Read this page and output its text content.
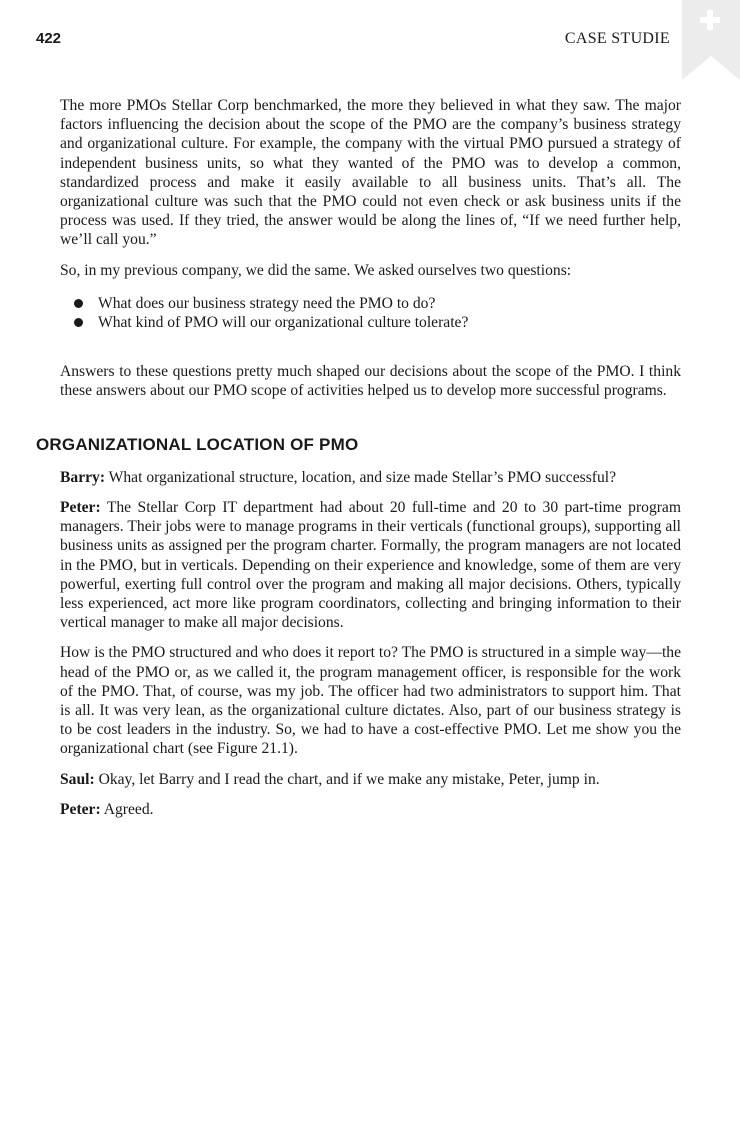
422	CASE STUDIE

The more PMOs Stellar Corp benchmarked, the more they believed in what they saw. The major factors influencing the decision about the scope of the PMO are the company’s business strategy and organizational culture. For example, the company with the virtual PMO pursued a strategy of independent business units, so what they wanted of the PMO was to develop a common, standardized process and make it easily available to all business units. That’s all. The organizational culture was such that the PMO could not even check or ask business units if the process was used. If they tried, the answer would be along the lines of, “If we need further help, we’ll call you.”

So, in my previous company, we did the same. We asked ourselves two questions:

What does our business strategy need the PMO to do?
What kind of PMO will our organizational culture tolerate?

Answers to these questions pretty much shaped our decisions about the scope of the PMO. I think these answers about our PMO scope of activities helped us to develop more successful programs.

ORGANIZATIONAL LOCATION OF PMO

Barry: What organizational structure, location, and size made Stellar’s PMO successful?

Peter: The Stellar Corp IT department had about 20 full-time and 20 to 30 part-time program managers. Their jobs were to manage programs in their verticals (functional groups), supporting all business units as assigned per the program charter. Formally, the program managers are not located in the PMO, but in verticals. Depending on their experience and knowledge, some of them are very powerful, exerting full control over the program and making all major decisions. Others, typically less experienced, act more like program coordinators, collecting and bringing information to their vertical manager to make all major decisions.

How is the PMO structured and who does it report to? The PMO is structured in a simple way—the head of the PMO or, as we called it, the program management officer, is responsible for the work of the PMO. That, of course, was my job. The officer had two administrators to support him. That is all. It was very lean, as the organizational culture dictates. Also, part of our business strategy is to be cost leaders in the industry. So, we had to have a cost-effective PMO. Let me show you the organizational chart (see Figure 21.1).

Saul: Okay, let Barry and I read the chart, and if we make any mistake, Peter, jump in.

Peter: Agreed.
